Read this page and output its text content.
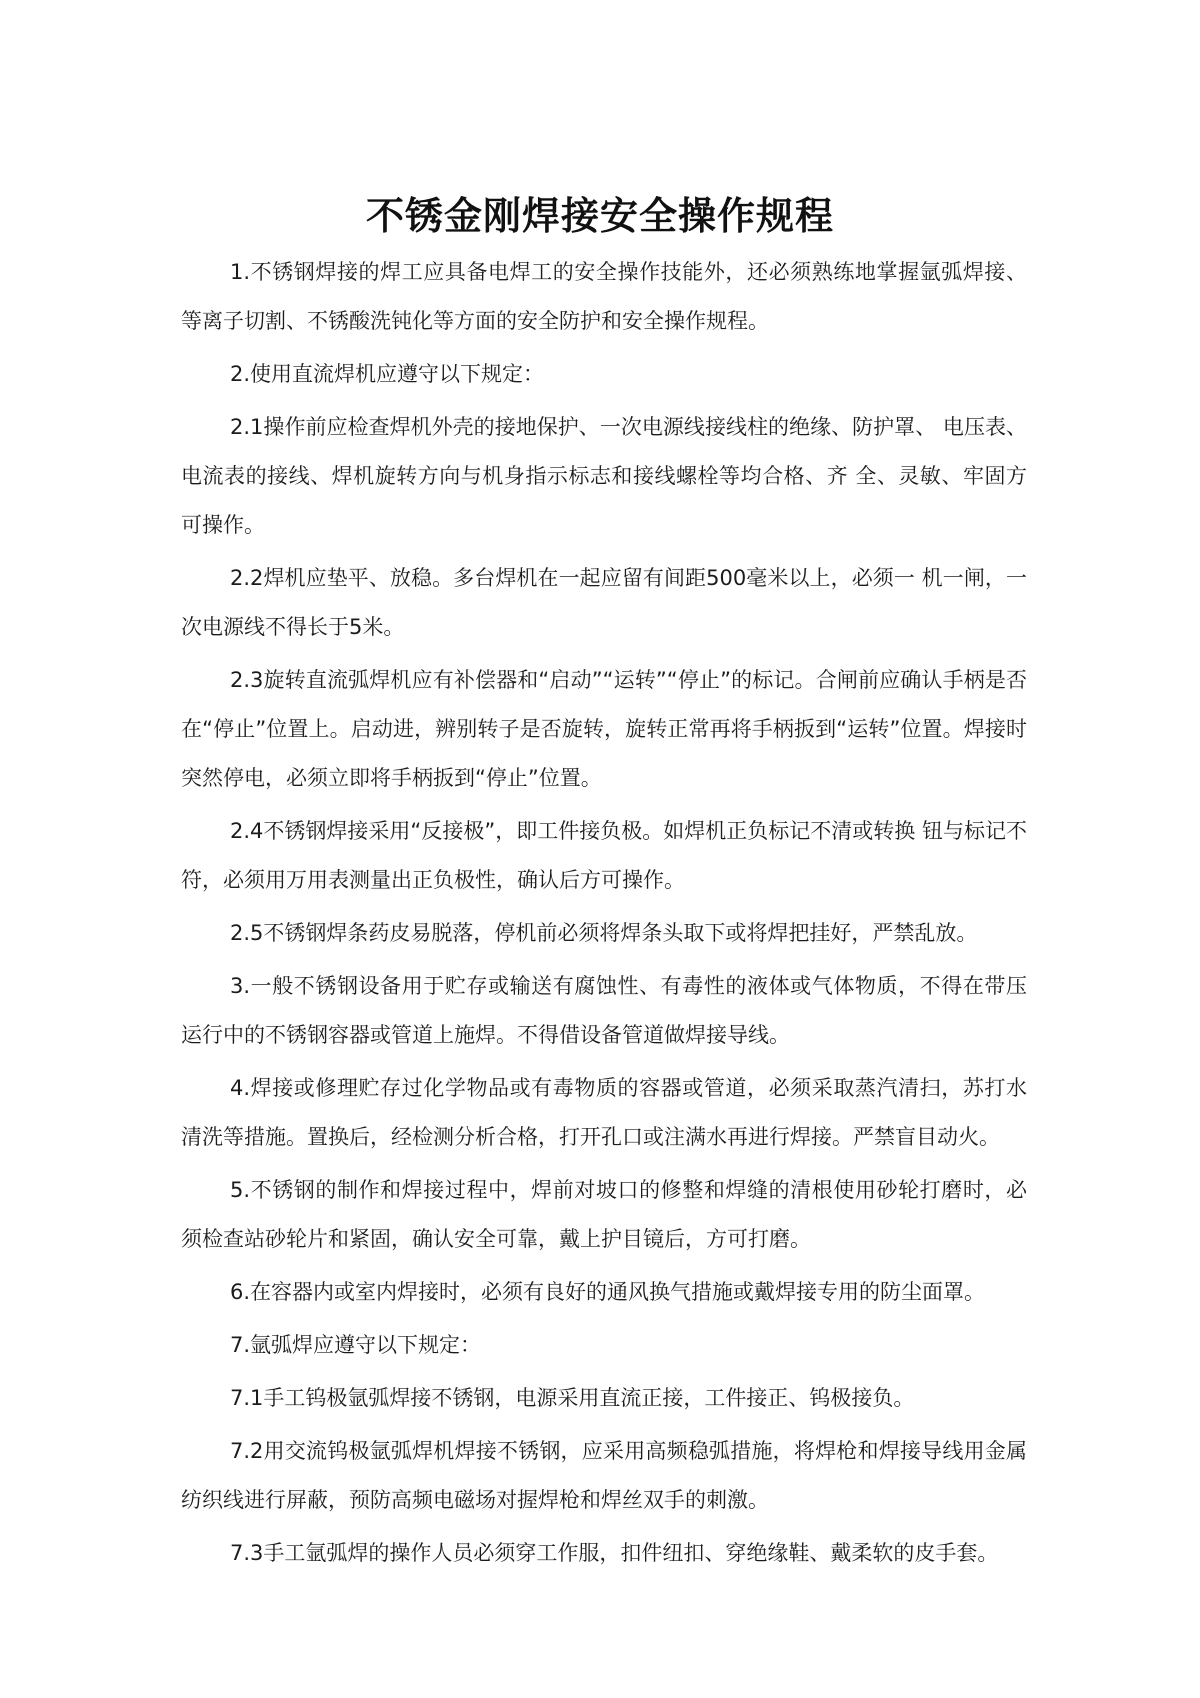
不锈金刚焊接安全操作规程

1.不锈钢焊接的焊工应具备电焊工的安全操作技能外，还必须熟练地掌握氩弧焊接、等离子切割、不锈酸洗钝化等方面的安全防护和安全操作规程。

2.使用直流焊机应遵守以下规定：

2.1操作前应检查焊机外壳的接地保护、一次电源线接线柱的绝缘、防护罩、 电压表、电流表的接线、焊机旋转方向与机身指示标志和接线螺栓等均合格、齐 全、灵敏、牢固方可操作。

2.2焊机应垫平、放稳。多台焊机在一起应留有间距500毫米以上，必须一 机一闸，一次电源线不得长于5米。

2.3旋转直流弧焊机应有补偿器和“启动”“运转”“停止”的标记。合闸前应确认手柄是否在“停止”位置上。启动进，辨别转子是否旋转，旋转正常再将手柄扳到“运转”位置。焊接时突然停电，必须立即将手柄扳到“停止”位置。

2.4不锈钢焊接采用“反接极”，即工件接负极。如焊机正负标记不清或转换 钮与标记不符，必须用万用表测量出正负极性，确认后方可操作。

2.5不锈钢焊条药皮易脱落，停机前必须将焊条头取下或将焊把挂好，严禁乱放。

3.一般不锈钢设备用于贮存或输送有腐蚀性、有毒性的液体或气体物质，不得在带压运行中的不锈钢容器或管道上施焊。不得借设备管道做焊接导线。

4.焊接或修理贮存过化学物品或有毒物质的容器或管道，必须采取蒸汽清扫，苏打水清洗等措施。置换后，经检测分析合格，打开孔口或注满水再进行焊接。严禁盲目动火。

5.不锈钢的制作和焊接过程中，焊前对坡口的修整和焊缝的清根使用砂轮打磨时，必须检查站砂轮片和紧固，确认安全可靠，戴上护目镜后，方可打磨。

6.在容器内或室内焊接时，必须有良好的通风换气措施或戴焊接专用的防尘面罩。

7.氩弧焊应遵守以下规定：

7.1手工钨极氩弧焊接不锈钢，电源采用直流正接，工件接正、钨极接负。

7.2用交流钨极氩弧焊机焊接不锈钢，应采用高频稳弧措施，将焊枪和焊接导线用金属纺织线进行屏蔽，预防高频电磁场对握焊枪和焊丝双手的刺激。

7.3手工氩弧焊的操作人员必须穿工作服，扣件纽扣、穿绝缘鞋、戴柔软的皮手套。
